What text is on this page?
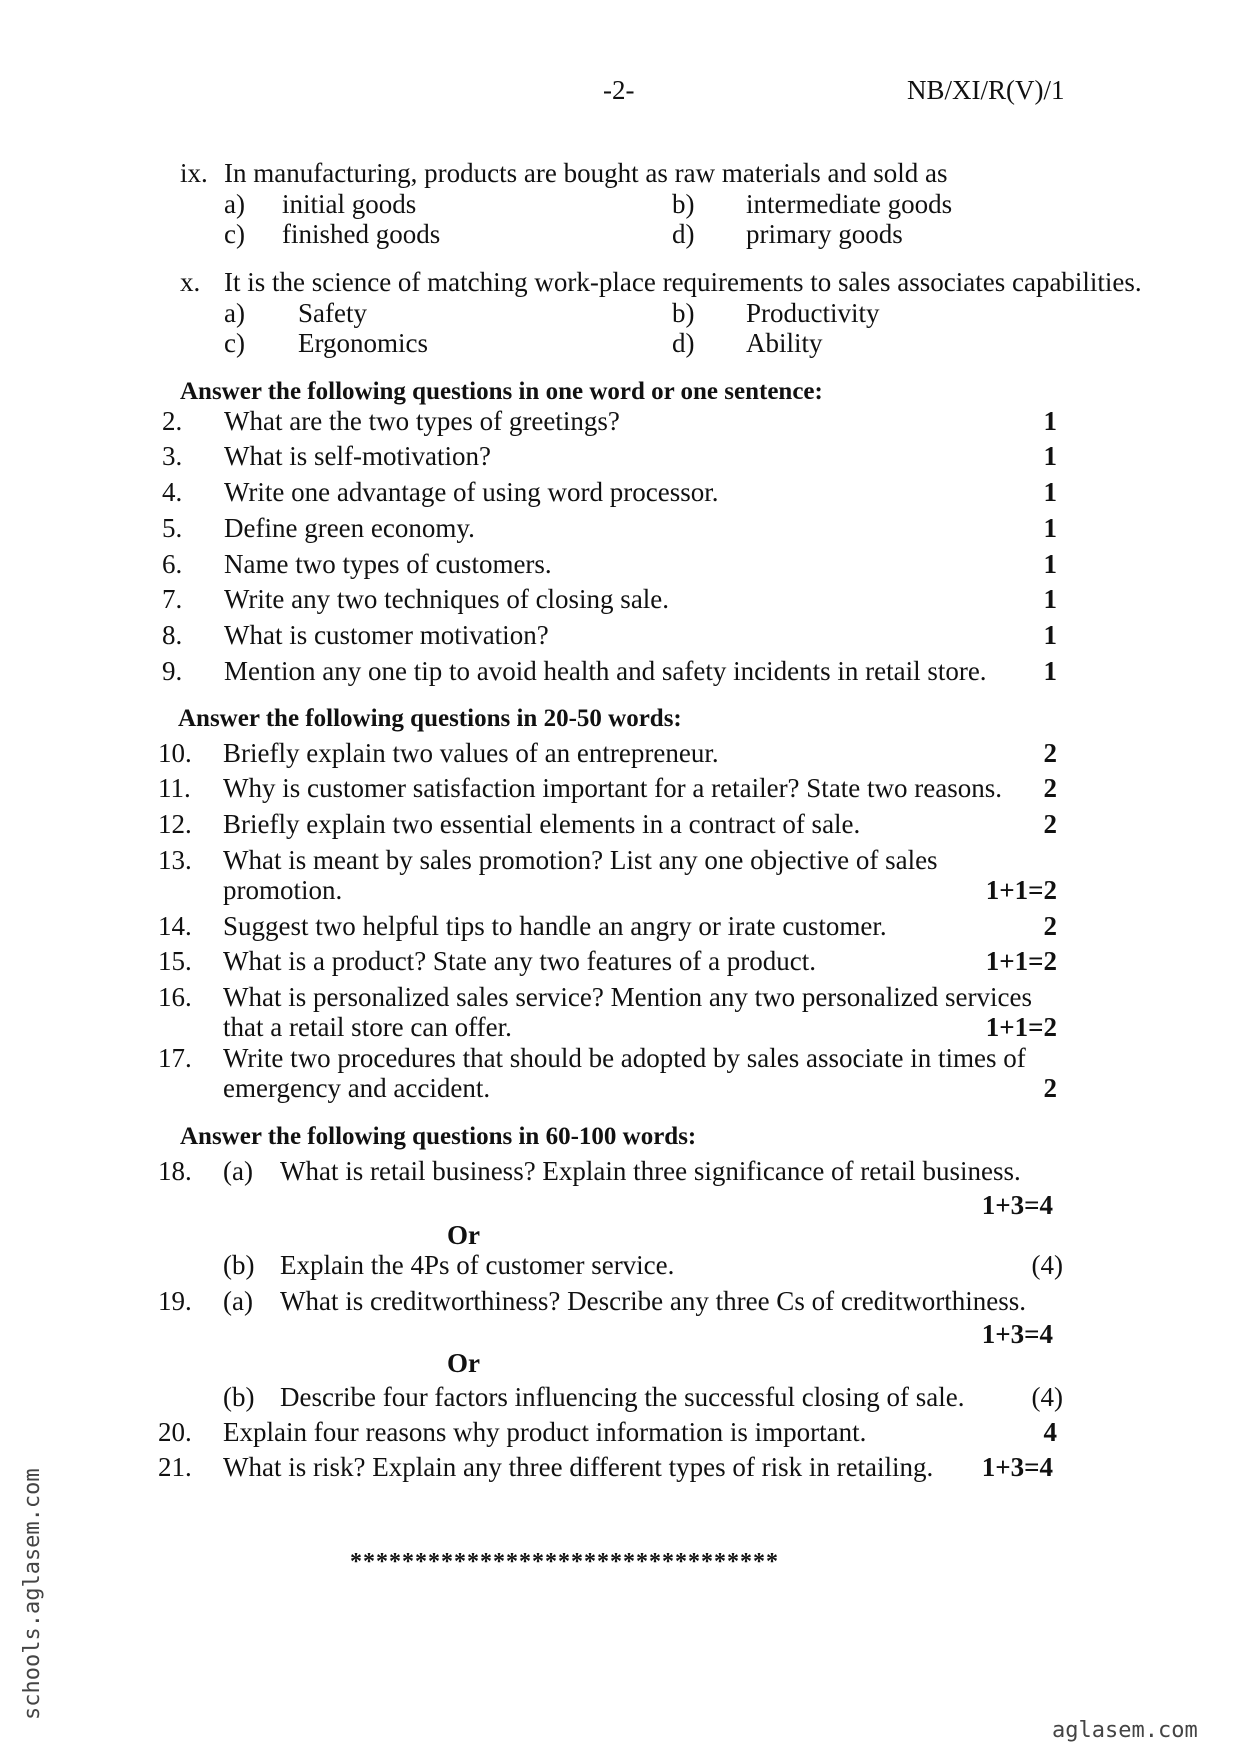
-2-	NB/XI/R(V)/1
ix. In manufacturing, products are bought as raw materials and sold as
a) initial goods	b) intermediate goods
c) finished goods	d) primary goods
x. It is the science of matching work-place requirements to sales associates capabilities.
a) Safety	b) Productivity
c) Ergonomics	d) Ability
Answer the following questions in one word or one sentence:
2. What are the two types of greetings?	1
3. What is self-motivation?	1
4. Write one advantage of using word processor.	1
5. Define green economy.	1
6. Name two types of customers.	1
7. Write any two techniques of closing sale.	1
8. What is customer motivation?	1
9. Mention any one tip to avoid health and safety incidents in retail store. 1
Answer the following questions in 20-50 words:
10. Briefly explain two values of an entrepreneur.	2
11. Why is customer satisfaction important for a retailer? State two reasons. 2
12. Briefly explain two essential elements in a contract of sale.	2
13. What is meant by sales promotion? List any one objective of sales
promotion.	1+1=2
14. Suggest two helpful tips to handle an angry or irate customer.	2
15. What is a product? State any two features of a product.	1+1=2
16. What is personalized sales service? Mention any two personalized services
that a retail store can offer.	1+1=2
17. Write two procedures that should be adopted by sales associate in times of
emergency and accident.	2
Answer the following questions in 60-100 words:
18. (a) What is retail business? Explain three significance of retail business.
1+3=4
Or
(b) Explain the 4Ps of customer service.	(4)
19. (a) What is creditworthiness? Describe any three Cs of creditworthiness.
1+3=4
Or
(b) Describe four factors influencing the successful closing of sale. (4)
20. Explain four reasons why product information is important.	4
21. What is risk? Explain any three different types of risk in retailing. 1+3=4
*********************************
schools.aglasem.com
aglasem.com
